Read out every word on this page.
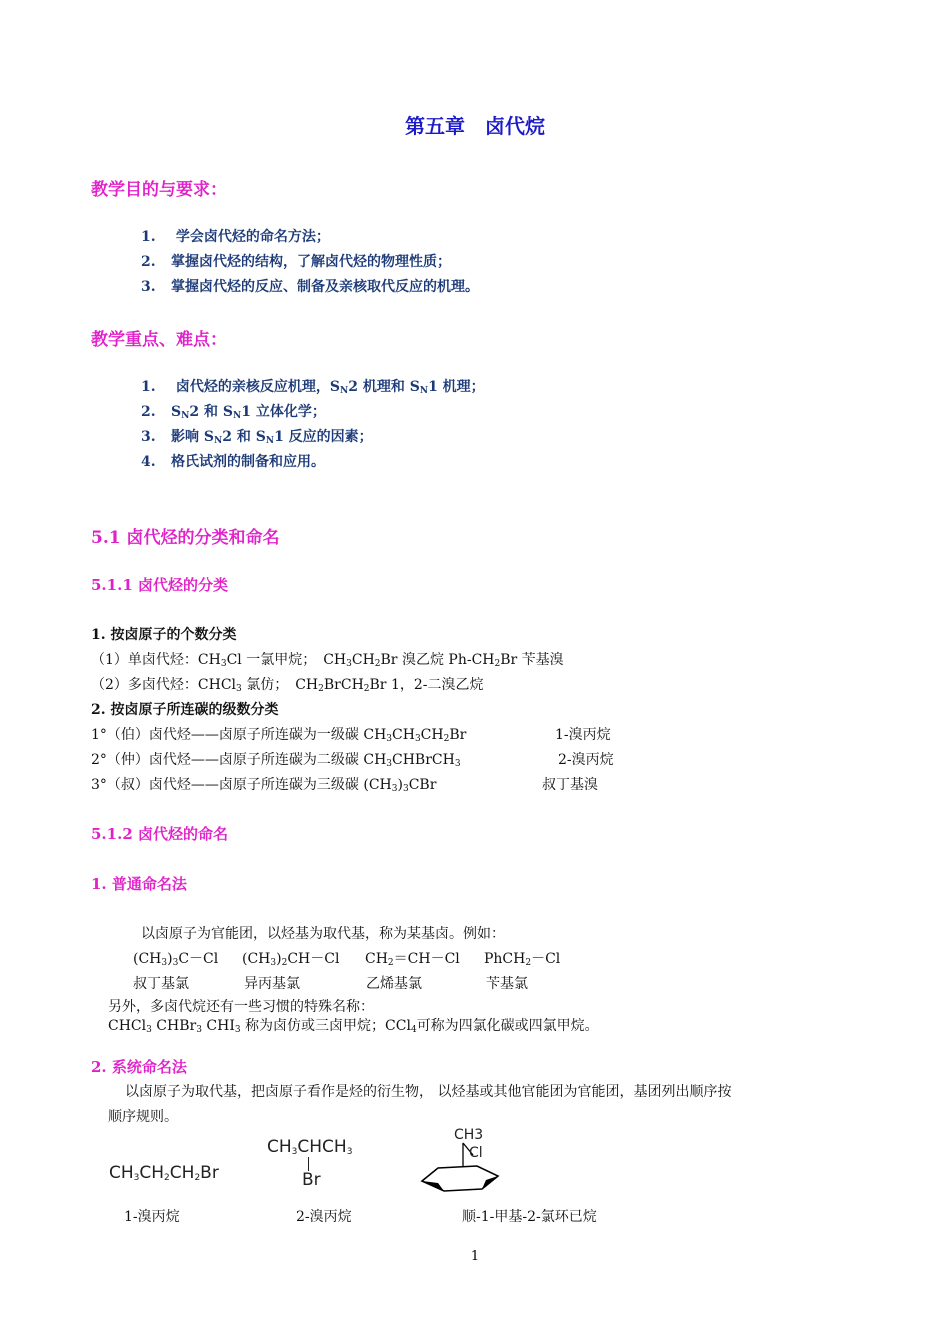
第五章　卤代烷
教学目的与要求：
1. 学会卤代烃的命名方法；
2. 掌握卤代烃的结构，了解卤代烃的物理性质；
3. 掌握卤代烃的反应、制备及亲核取代反应的机理。
教学重点、难点：
1. 卤代烃的亲核反应机理，$S_N2$ 机理和 $S_N1$ 机理；
2. $S_N2$ 和 $S_N1$ 立体化学；
3. 影响 $S_N2$ 和 $S_N1$ 反应的因素；
4. 格氏试剂的制备和应用。
5.1 卤代烃的分类和命名
5.1.1 卤代烃的分类
1. 按卤原子的个数分类
（1）单卤代烃：$CH_3Cl$ 一氯甲烷；　$CH_3CH_2Br$ 溴乙烷 $Ph-CH_2Br$ 苄基溴
（2）多卤代烃：CHCl$_3$ 氯仿；　$CH_2BrCH_2Br$ 1，2-二溴乙烷
2. 按卤原子所连碳的级数分类
1°（伯）卤代烃——卤原子所连碳为一级碳 $CH_3CH_3CH_2Br$	1-溴丙烷
2°（仲）卤代烃——卤原子所连碳为二级碳 $CH_3CHBrCH_3$	2-溴丙烷
3°（叔）卤代烃——卤原子所连碳为三级碳 $(CH_3)_3CBr$	叔丁基溴
5.1.2 卤代烃的命名
1. 普通命名法
以卤原子为官能团，以烃基为取代基，称为某基卤。例如：
$(CH_3)_3C-Cl$ $(CH_3)_2CH-Cl$ $CH_2=CH-Cl$ PhCH$_2$－Cl
叔丁基氯	异丙基氯	乙烯基氯	苄基氯
另外，多卤代烷还有一些习惯的特殊名称：
CHCl$_3$ CHBr$_3$ $CHI_3$ 称为卤仿或三卤甲烷；CCl$_4$可称为四氯化碳或四氯甲烷。
2. 系统命名法
以卤原子为取代基，把卤原子看作是烃的衍生物， 以烃基或其他官能团为官能团，基团列出顺序按
顺序规则。
$CH_3CH_2CH_2Br$
$CH_3CHCH_3$
Br
CH3
Cl
1-溴丙烷	2-溴丙烷	顺-1-甲基-2-氯环已烷
1
